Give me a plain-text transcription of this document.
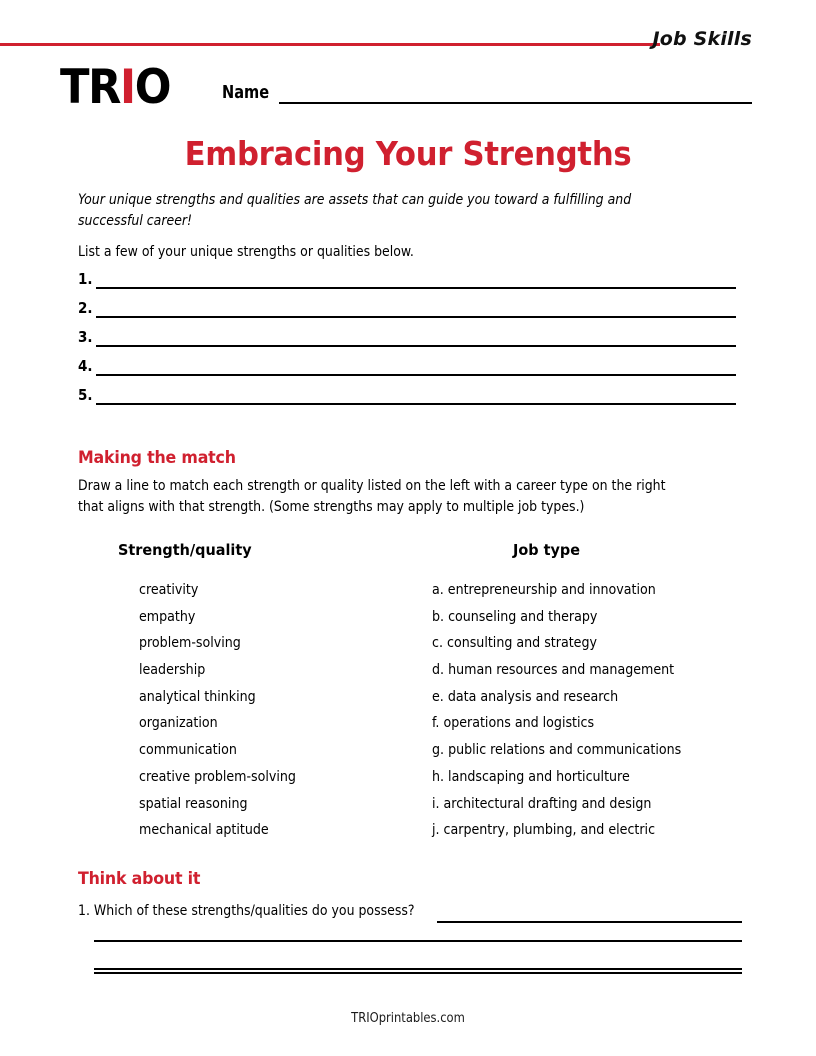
Job Skills
TRIO	Name
Embracing Your Strengths
Your unique strengths and qualities are assets that can guide you toward a fulfilling and successful career!
List a few of your unique strengths or qualities below.
1.
2.
3.
4.
5.
Making the match
Draw a line to match each strength or quality listed on the left with a career type on the right that aligns with that strength. (Some strengths may apply to multiple job types.)
Strength/quality	Job type
creativity
empathy
problem-solving
leadership
analytical thinking
organization
communication
creative problem-solving
spatial reasoning
mechanical aptitude
a. entrepreneurship and innovation
b. counseling and therapy
c. consulting and strategy
d. human resources and management
e. data analysis and research
f. operations and logistics
g. public relations and communications
h. landscaping and horticulture
i. architectural drafting and design
j. carpentry, plumbing, and electric
Think about it
1. Which of these strengths/qualities do you possess?
TRIOprintables.com
